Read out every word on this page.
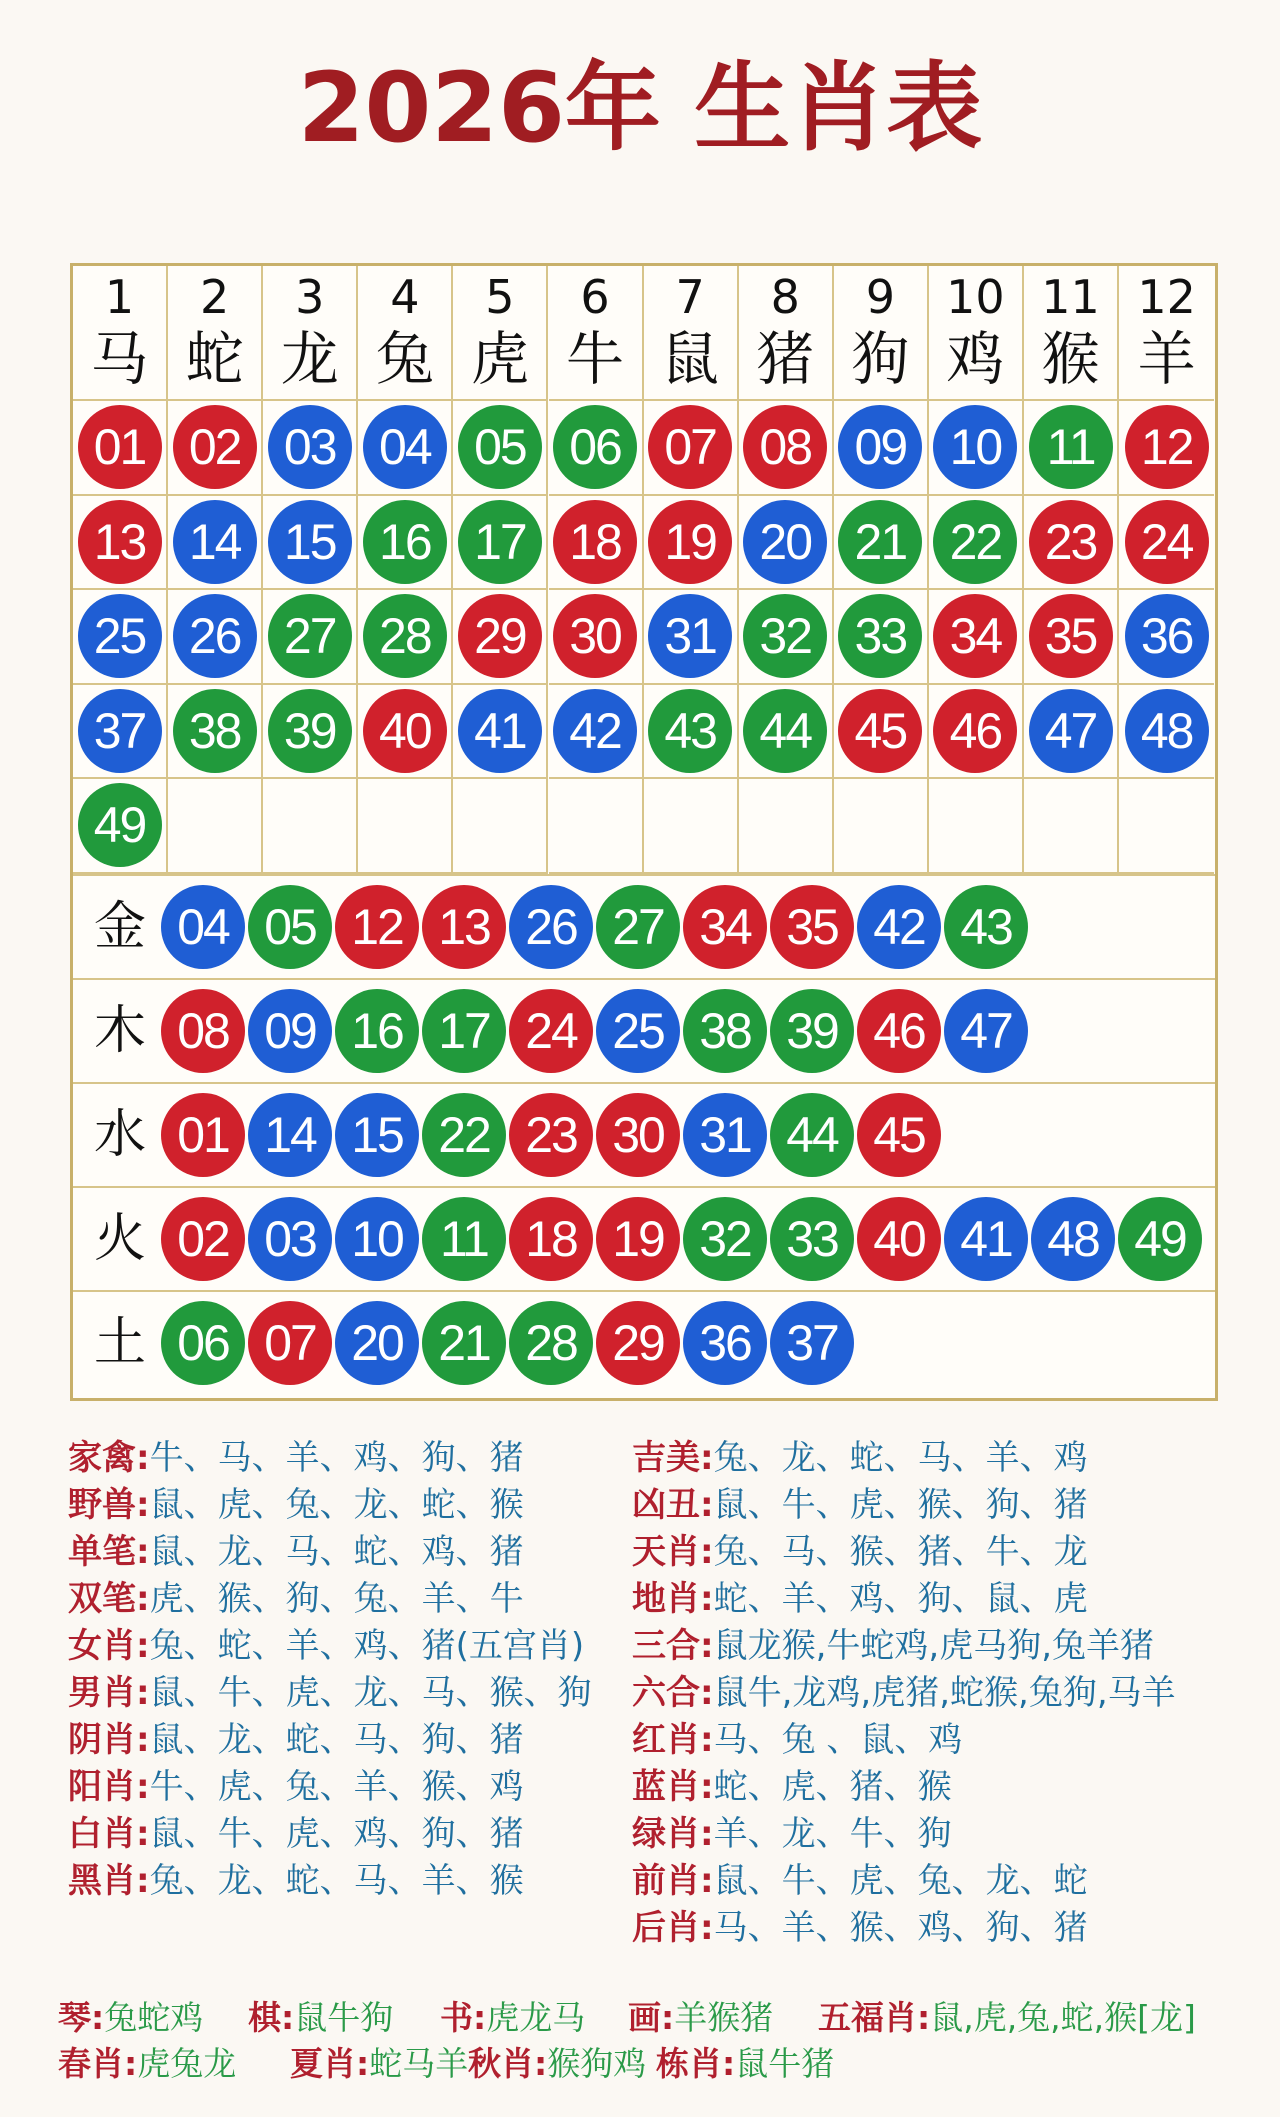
2026年 生肖表
1
马
2
蛇
3
龙
4
兔
5
虎
6
牛
7
鼠
8
猪
9
狗
10
鸡
11
猴
12
羊
01 02 03 04 05 06 07 08 09 10 11 12
13 14 15 16 17 18 19 20 21 22 23 24
25 26 27 28 29 30 31 32 33 34 35 36
37 38 39 40 41 42 43 44 45 46 47 48
49
金 04 05 12 13 26 27 34 35 42 43
木 08 09 16 17 24 25 38 39 46 47
水 01 14 15 22 23 30 31 44 45
火 02 03 10 11 18 19 32 33 40 41 48 49
土 06 07 20 21 28 29 36 37
家禽:牛、马、羊、鸡、狗、猪
野兽:鼠、虎、兔、龙、蛇、猴
单笔:鼠、龙、马、蛇、鸡、猪
双笔:虎、猴、狗、兔、羊、牛
女肖:兔、蛇、羊、鸡、猪(五宫肖)
男肖:鼠、牛、虎、龙、马、猴、狗
阴肖:鼠、龙、蛇、马、狗、猪
阳肖:牛、虎、兔、羊、猴、鸡
白肖:鼠、牛、虎、鸡、狗、猪
黑肖:兔、龙、蛇、马、羊、猴
吉美:兔、龙、蛇、马、羊、鸡
凶丑:鼠、牛、虎、猴、狗、猪
天肖:兔、马、猴、猪、牛、龙
地肖:蛇、羊、鸡、狗、鼠、虎
三合:鼠龙猴,牛蛇鸡,虎马狗,兔羊猪
六合:鼠牛,龙鸡,虎猪,蛇猴,兔狗,马羊
红肖:马、兔 、鼠、鸡
蓝肖:蛇、虎、猪、猴
绿肖:羊、龙、牛、狗
前肖:鼠、牛、虎、兔、龙、蛇
后肖:马、羊、猴、鸡、狗、猪
琴:兔蛇鸡 棋:鼠牛狗 书:虎龙马 画:羊猴猪 五福肖:鼠,虎,兔,蛇,猴[龙]
春肖:虎兔龙 夏肖:蛇马羊 秋肖:猴狗鸡 栋肖:鼠牛猪
